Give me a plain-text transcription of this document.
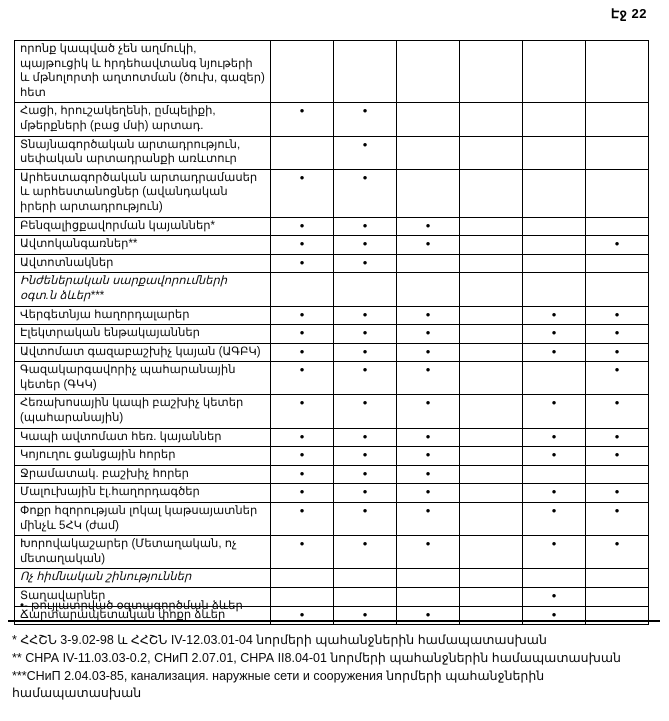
Էջ 22
որոնք կապված չեն աղմուկի, պայթուցիկ և հրդեհավտանգ նյութերի և մթնոլորտի աղտոտման (ծուխ, գազեր) հետ						
Հացի, հրուշակեղենի, ըմպելիքի, մթերքների (բաց մսի) արտադ.	•	•				
Տնայնագործական արտադրություն, սեփական արտադրանքի առևտուր		•				
Արհեստագործական արտադրամասեր և արհեստանոցներ (ավանդական իրերի արտադրություն)	•	•				
Բենզալիցքավորման կայաններ*	•	•	•			
Ավտոկանգառներ**	•	•	•			•
Ավտոտնակներ	•	•				
Ինժեներական սարքավորումների օգտ.ն ձևեր***						
Վերգետնյա հաղորդալարեր	•	•	•		•	•
Էլեկտրական ենթակայաններ	•	•	•		•	•
Ավտոմատ գազաբաշխիչ կայան (ԱԳԲԿ)	•	•	•		•	•
Գազակարգավորիչ պահարանային կետեր (ԳԿԿ)	•	•	•			•
Հեռախոսային կապի բաշխիչ կետեր (պահարանային)	•	•	•		•	•
Կապի ավտոմատ հեռ. կայաններ	•	•	•		•	•
Կոյուղու ցանցային հորեր	•	•	•		•	•
Ջրամատակ. բաշխիչ հորեր	•	•	•			
Մալուխային էլ.հաղորդագծեր	•	•	•		•	•
Փոքր հզորության լոկալ կաթսայատներ մինչև 5ՀԿ (ժամ)	•	•	•		•	•
Խորովակաշարեր (Մետաղական, ոչ մետաղական)	•	•	•		•	•
Ոչ հիմնական շինություններ						
Տաղավարներ					•	
Ճարտարապետական փոքր ձևեր	•	•	•		•	
•- թույլատրված օգտագործման ձևեր
* ՀՀՇՆ 3-9.02-98 և ՀՀՇՆ IV-12.03.01-04 նորմերի պահանջներին համապատասխան
** СНРА IV-11.03.03-0.2, СНиП 2.07.01, СНРА II8.04-01 նորմերի պահանջներին համապատասխան
***СНиП 2.04.03-85, канализация. наружные сети и сооружения նորմերի պահանջներին համապատասխան
